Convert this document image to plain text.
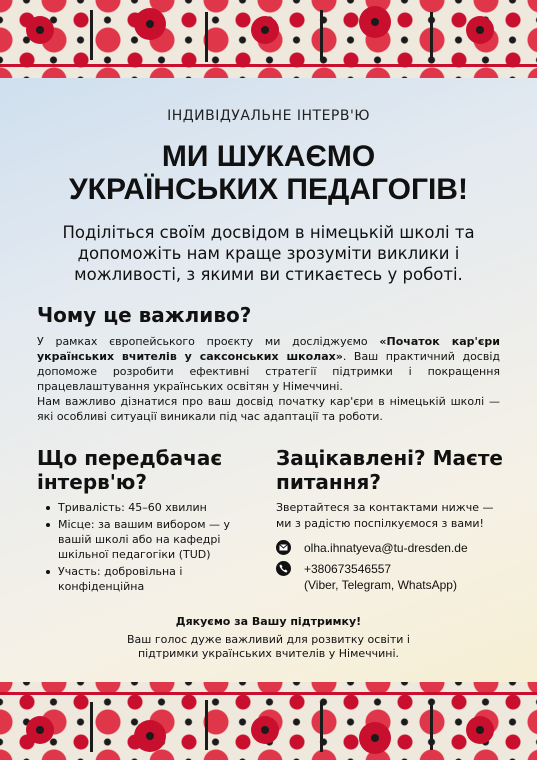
ІНДИВІДУАЛЬНЕ ІНТЕРВ'Ю
МИ ШУКАЄМО
УКРАЇНСЬКИХ ПЕДАГОГІВ!
Поділіться своїм досвідом в німецькій школі та допоможіть нам краще зрозуміти виклики і можливості, з якими ви стикаєтесь у роботі.
Чому це важливо?
У рамках європейського проєкту ми досліджуємо «Початок кар'єри українських вчителів у саксонських школах». Ваш практичний досвід допоможе розробити ефективні стратегії підтримки і покращення працевлаштування українських освітян у Німеччині.
Нам важливо дізнатися про ваш досвід початку кар'єри в німецькій школі — які особливі ситуації виникали під час адаптації та роботи.
Що передбачає інтерв'ю?
Тривалість: 45–60 хвилин
Місце: за вашим вибором — у вашій школі або на кафедрі шкільної педагогіки (TUD)
Участь: добровільна і конфіденційна
Зацікавлені? Маєте питання?
Звертайтеся за контактами нижче — ми з радістю поспілкуємося з вами!
olha.ihnatyeva@tu-dresden.de
+380673546557
(Viber, Telegram, WhatsApp)
Дякуємо за Вашу підтримку!
Ваш голос дуже важливий для розвитку освіти і підтримки українських вчителів у Німеччині.
